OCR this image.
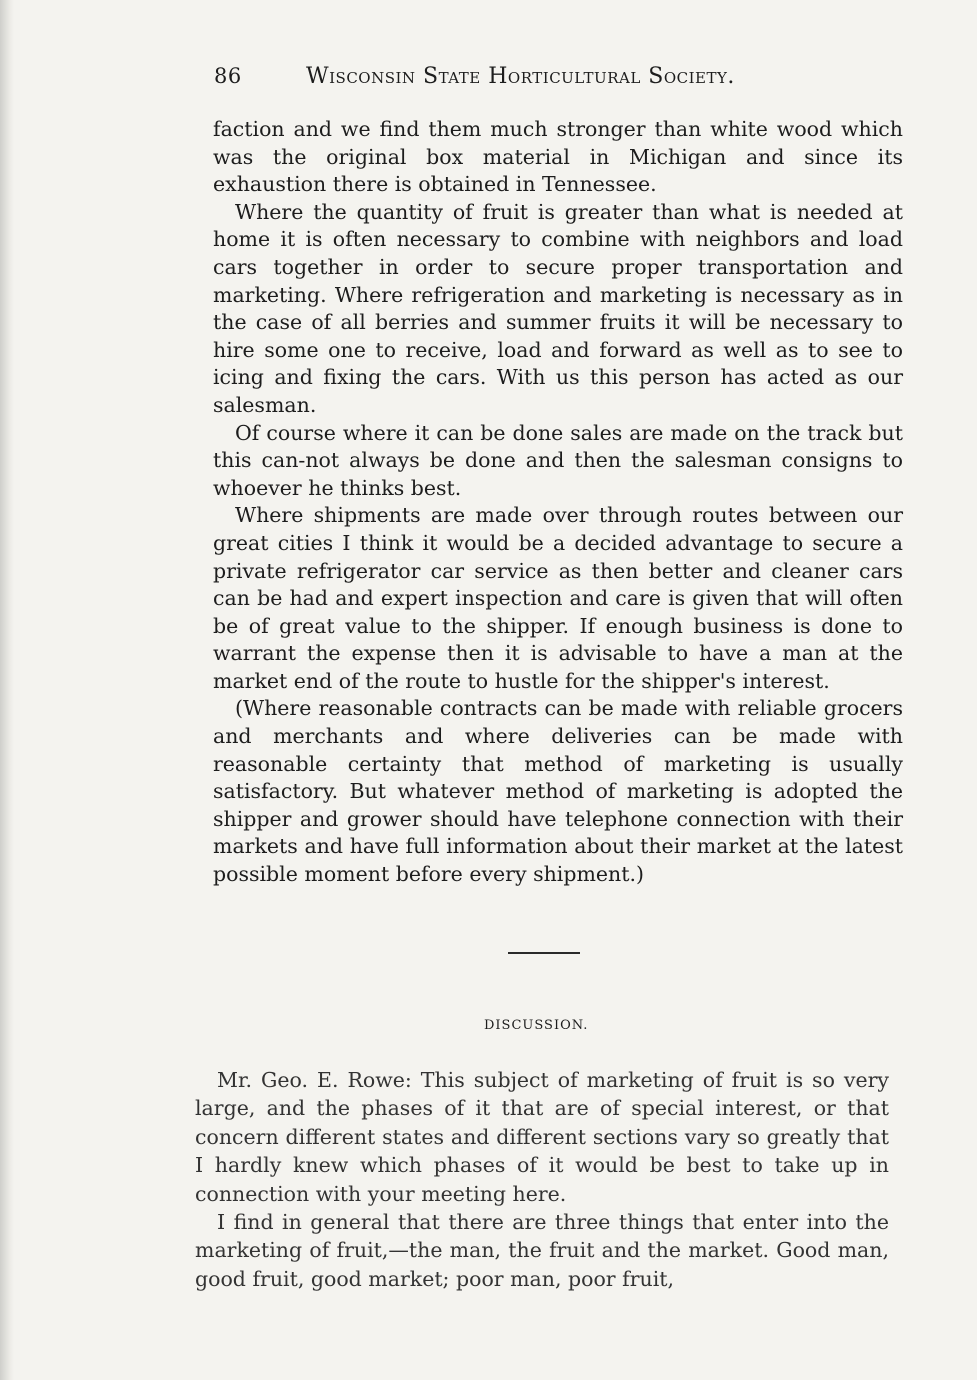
86	Wisconsin State Horticultural Society.

faction and we find them much stronger than white wood which was the original box material in Michigan and since its exhaustion there is obtained in Tennessee.

Where the quantity of fruit is greater than what is needed at home it is often necessary to combine with neighbors and load cars together in order to secure proper transportation and marketing. Where refrigeration and marketing is necessary as in the case of all berries and summer fruits it will be necessary to hire some one to receive, load and forward as well as to see to icing and fixing the cars. With us this person has acted as our salesman.

Of course where it can be done sales are made on the track but this can-not always be done and then the salesman consigns to whoever he thinks best.

Where shipments are made over through routes between our great cities I think it would be a decided advantage to secure a private refrigerator car service as then better and cleaner cars can be had and expert inspection and care is given that will often be of great value to the shipper. If enough business is done to warrant the expense then it is advisable to have a man at the market end of the route to hustle for the shipper's interest.

(Where reasonable contracts can be made with reliable grocers and merchants and where deliveries can be made with reasonable certainty that method of marketing is usually satisfactory. But whatever method of marketing is adopted the shipper and grower should have telephone connection with their markets and have full information about their market at the latest possible moment before every shipment.)

DISCUSSION.

Mr. Geo. E. Rowe: This subject of marketing of fruit is so very large, and the phases of it that are of special interest, or that concern different states and different sections vary so greatly that I hardly knew which phases of it would be best to take up in connection with your meeting here.

I find in general that there are three things that enter into the marketing of fruit,—the man, the fruit and the market. Good man, good fruit, good market; poor man, poor fruit,
